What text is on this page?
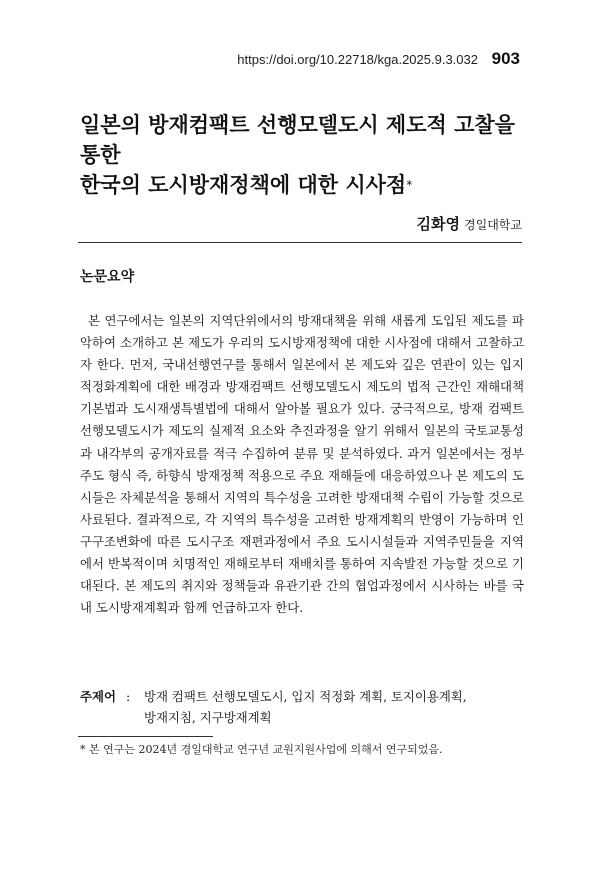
https://doi.org/10.22718/kga.2025.9.3.032 903
일본의 방재컴팩트 선행모델도시 제도적 고찰을 통한
한국의 도시방재정책에 대한 시사점*
김화영 경일대학교
논문요약
본 연구에서는 일본의 지역단위에서의 방재대책을 위해 새롭게 도입된 제도를 파악하여 소개하고 본 제도가 우리의 도시방재정책에 대한 시사점에 대해서 고찰하고자 한다. 먼저, 국내선행연구를 통해서 일본에서 본 제도와 깊은 연관이 있는 입지 적정화계획에 대한 배경과 방재컴팩트 선행모델도시 제도의 법적 근간인 재해대책기본법과 도시재생특별법에 대해서 알아볼 필요가 있다. 궁극적으로, 방재 컴팩트 선행모델도시가 제도의 실제적 요소와 추진과정을 알기 위해서 일본의 국토교통성과 내각부의 공개자료를 적극 수집하여 분류 및 분석하였다. 과거 일본에서는 정부주도 형식 즉, 하향식 방재정책 적용으로 주요 재해들에 대응하였으나 본 제도의 도시들은 자체분석을 통해서 지역의 특수성을 고려한 방재대책 수립이 가능할 것으로 사료된다. 결과적으로, 각 지역의 특수성을 고려한 방재계획의 반영이 가능하며 인구구조변화에 따른 도시구조 재편과정에서 주요 도시시설들과 지역주민들을 지역에서 반복적이며 치명적인 재해로부터 재배치를 통하여 지속발전 가능할 것으로 기대된다. 본 제도의 취지와 정책들과 유관기관 간의 협업과정에서 시사하는 바를 국내 도시방재계획과 함께 언급하고자 한다.
주제어 : 방재 컴팩트 선행모델도시, 입지 적정화 계획, 토지이용계획,
방재지침, 지구방재계획
* 본 연구는 2024년 경일대학교 연구년 교원지원사업에 의해서 연구되었음.
